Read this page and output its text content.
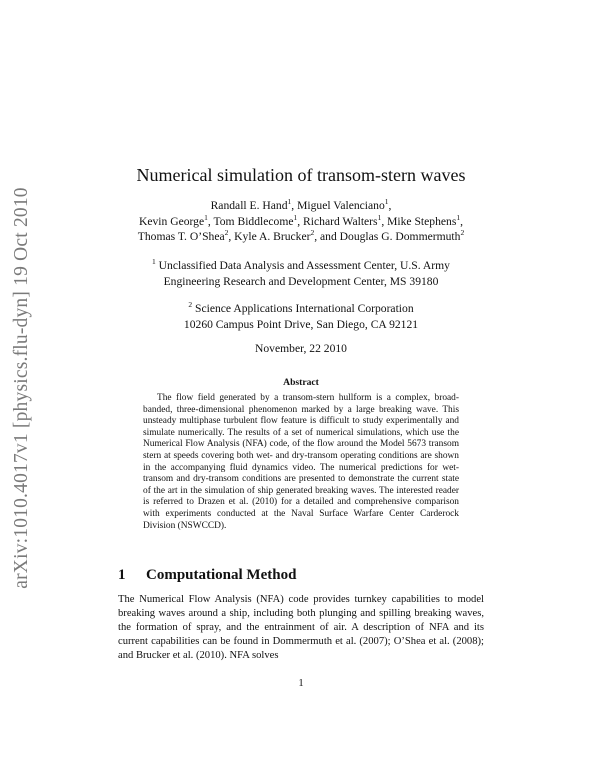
arXiv:1010.4017v1 [physics.flu-dyn] 19 Oct 2010
Numerical simulation of transom-stern waves
Randall E. Hand$^1$, Miguel Valenciano$^1$,
Kevin George$^1$, Tom Biddlecome$^1$, Richard Walters$^1$, Mike Stephens$^1$,
Thomas T. O’Shea$^2$, Kyle A. Brucker$^2$, and Douglas G. Dommermuth$^2$
$^1$ Unclassified Data Analysis and Assessment Center, U.S. Army
Engineering Research and Development Center, MS 39180
$^2$ Science Applications International Corporation
10260 Campus Point Drive, San Diego, CA 92121
November, 22 2010
Abstract
The flow field generated by a transom-stern hullform is a complex, broad-banded, three-dimensional phenomenon marked by a large breaking wave. This unsteady multiphase turbulent flow feature is difficult to study experimentally and simulate numerically. The results of a set of numerical simulations, which use the Numerical Flow Analysis (NFA) code, of the flow around the Model 5673 transom stern at speeds covering both wet- and dry-transom operating conditions are shown in the accompanying fluid dynamics video. The numerical predictions for wet-transom and dry-transom conditions are presented to demonstrate the current state of the art in the simulation of ship generated breaking waves. The interested reader is referred to Drazen et al. (2010) for a detailed and comprehensive comparison with experiments conducted at the Naval Surface Warfare Center Carderock Division (NSWCCD).
1 Computational Method
The Numerical Flow Analysis (NFA) code provides turnkey capabilities to model breaking waves around a ship, including both plunging and spilling breaking waves, the formation of spray, and the entrainment of air. A description of NFA and its current capabilities can be found in Dommermuth et al. (2007); O’Shea et al. (2008); and Brucker et al. (2010). NFA solves
1
